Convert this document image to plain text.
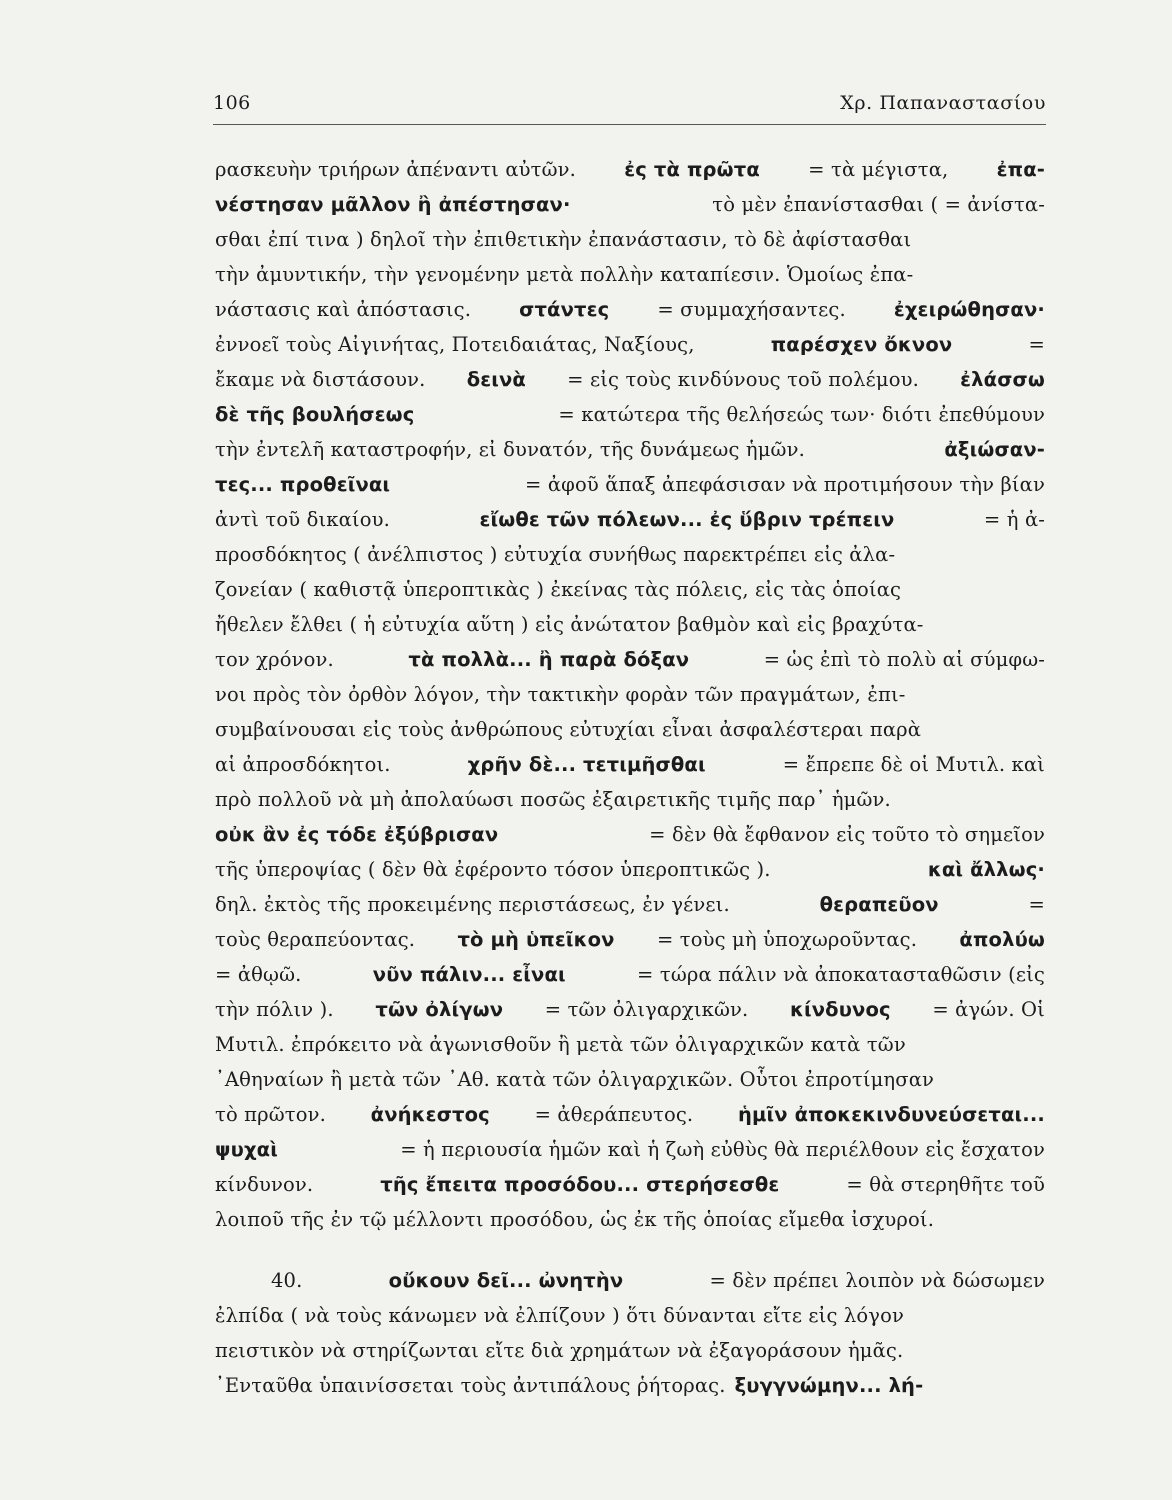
106	Χρ. Παπαναστασίου
ρασκευὴν τριήρων ἀπέναντι αὐτῶν. ἐς τὰ πρῶτα = τὰ μέγιστα, ἐπα-
νέστησαν μᾶλλον ἢ ἀπέστησαν·	τὸ μὲν ἐπανίστασθαι ( = ἀνίστα-
σθαι ἐπί τινα ) δηλοῖ τὴν ἐπιθετικὴν ἐπανάστασιν, τὸ δὲ ἀφίστασθαι
τὴν ἀμυντικήν, τὴν γενομένην μετὰ πολλὴν καταπίεσιν. Ὁμοίως ἐπα-
νάστασις καὶ ἀπόστασις. στάντες = συμμαχήσαντες. ἐχειρώθησαν·
ἐννοεῖ τοὺς Αἰγινήτας, Ποτειδαιάτας, Ναξίους,	παρέσχεν ὄκνον	=
ἔκαμε νὰ διστάσουν. δεινὰ = εἰς τοὺς κινδύνους τοῦ πολέμου. ἐλάσσω
δὲ τῆς βουλήσεως	= κατώτερα τῆς θελήσεώς των· διότι ἐπεθύμουν
τὴν ἐντελῆ καταστροφήν, εἰ δυνατόν, τῆς δυνάμεως ἡμῶν.	ἀξιώσαν-
τες... προθεῖναι	= ἀφοῦ ἅπαξ ἀπεφάσισαν νὰ προτιμήσουν τὴν βίαν
ἀντὶ τοῦ δικαίου.	εἴωθε τῶν πόλεων... ἐς ὕβριν τρέπειν	= ἡ ἀ-
προσδόκητος ( ἀνέλπιστος ) εὐτυχία συνήθως παρεκτρέπει εἰς ἀλα-
ζονείαν ( καθιστᾷ ὑπεροπτικὰς ) ἐκείνας τὰς πόλεις, εἰς τὰς ὁποίας
ἤθελεν ἔλθει ( ἡ εὐτυχία αὕτη ) εἰς ἀνώτατον βαθμὸν καὶ εἰς βραχύτα-
τον χρόνον.	τὰ πολλὰ... ἢ παρὰ δόξαν	= ὡς ἐπὶ τὸ πολὺ αἱ σύμφω-
νοι πρὸς τὸν ὀρθὸν λόγον, τὴν τακτικὴν φορὰν τῶν πραγμάτων, ἐπι-
συμβαίνουσαι εἰς τοὺς ἀνθρώπους εὐτυχίαι εἶναι ἀσφαλέστεραι παρὰ
αἱ ἀπροσδόκητοι.	χρῆν δὲ... τετιμῆσθαι	= ἔπρεπε δὲ οἱ Μυτιλ. καὶ
πρὸ πολλοῦ νὰ μὴ ἀπολαύωσι ποσῶς ἐξαιρετικῆς τιμῆς παρ᾽ ἡμῶν.
οὐκ ἂν ἐς τόδε ἐξύβρισαν	= δὲν θὰ ἔφθανον εἰς τοῦτο τὸ σημεῖον
τῆς ὑπεροψίας ( δὲν θὰ ἐφέροντο τόσον ὑπεροπτικῶς ).	καὶ ἄλλως·
δηλ. ἐκτὸς τῆς προκειμένης περιστάσεως, ἐν γένει.	θεραπεῦον	=
τοὺς θεραπεύοντας. τὸ μὴ ὑπεῖκον = τοὺς μὴ ὑποχωροῦντας. ἀπολύω
= ἀθῳῶ.	νῦν πάλιν... εἶναι	= τώρα πάλιν νὰ ἀποκατασταθῶσιν (εἰς
τὴν πόλιν ). τῶν ὀλίγων = τῶν ὀλιγαρχικῶν. κίνδυνος = ἀγών. Οἱ
Μυτιλ. ἐπρόκειτο νὰ ἀγωνισθοῦν ἢ μετὰ τῶν ὀλιγαρχικῶν κατὰ τῶν
᾽Αθηναίων ἢ μετὰ τῶν ᾽Αθ. κατὰ τῶν ὀλιγαρχικῶν. Οὗτοι ἐπροτίμησαν
τὸ πρῶτον. ἀνήκεστος = ἀθεράπευτος. ἡμῖν ἀποκεκινδυνεύσεται...
ψυχαὶ	= ἡ περιουσία ἡμῶν καὶ ἡ ζωὴ εὐθὺς θὰ περιέλθουν εἰς ἔσχατον
κίνδυνον.	τῆς ἔπειτα προσόδου... στερήσεσθε	= θὰ στερηθῆτε τοῦ
λοιποῦ τῆς ἐν τῷ μέλλοντι προσόδου, ὡς ἐκ τῆς ὁποίας εἴμεθα ἰσχυροί.
40.	οὔκουν δεῖ... ὠνητὴν	= δὲν πρέπει λοιπὸν νὰ δώσωμεν
ἐλπίδα ( νὰ τοὺς κάνωμεν νὰ ἐλπίζουν ) ὅτι δύνανται εἴτε εἰς λόγον
πειστικὸν νὰ στηρίζωνται εἴτε διὰ χρημάτων νὰ ἐξαγοράσουν ἡμᾶς.
᾽Ενταῦθα ὑπαινίσσεται τοὺς ἀντιπάλους ῥήτορας. ξυγγνώμην... λή-
